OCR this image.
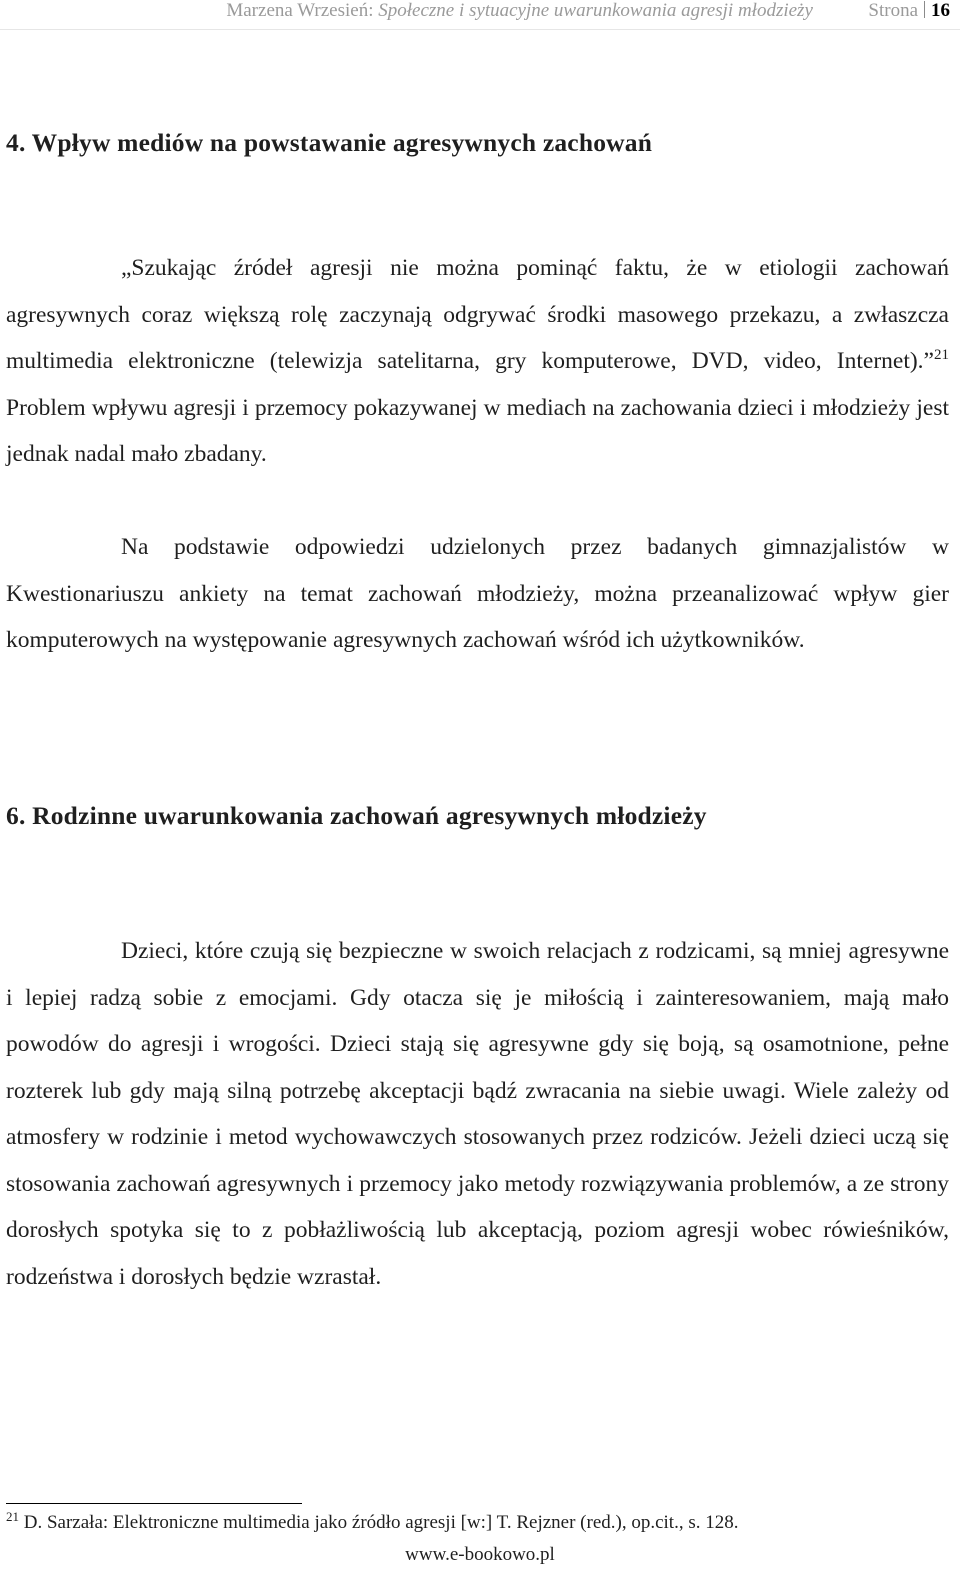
Marzena Wrzesień: Społeczne i sytuacyjne uwarunkowania agresji młodzieży	Strona 16
4. Wpływ mediów na powstawanie agresywnych zachowań

„Szukając źródeł agresji nie można pominąć faktu, że w etiologii zachowań agresywnych coraz większą rolę zaczynają odgrywać środki masowego przekazu, a zwłaszcza multimedia elektroniczne (telewizja satelitarna, gry komputerowe, DVD, video, Internet).”$^{21}$ Problem wpływu agresji i przemocy pokazywanej w mediach na zachowania dzieci i młodzieży jest jednak nadal mało zbadany.

Na podstawie odpowiedzi udzielonych przez badanych gimnazjalistów w Kwestionariuszu ankiety na temat zachowań młodzieży, można przeanalizować wpływ gier komputerowych na występowanie agresywnych zachowań wśród ich użytkowników.

6. Rodzinne uwarunkowania zachowań agresywnych młodzieży

Dzieci, które czują się bezpieczne w swoich relacjach z rodzicami, są mniej agresywne i lepiej radzą sobie z emocjami. Gdy otacza się je miłością i zainteresowaniem, mają mało powodów do agresji i wrogości. Dzieci stają się agresywne gdy się boją, są osamotnione, pełne rozterek lub gdy mają silną potrzebę akceptacji bądź zwracania na siebie uwagi. Wiele zależy od atmosfery w rodzinie i metod wychowawczych stosowanych przez rodziców. Jeżeli dzieci uczą się stosowania zachowań agresywnych i przemocy jako metody rozwiązywania problemów, a ze strony dorosłych spotyka się to z pobłażliwością lub akceptacją, poziom agresji wobec rówieśników, rodzeństwa i dorosłych będzie wzrastał.

$^{21}$ D. Sarzała: Elektroniczne multimedia jako źródło agresji [w:] T. Rejzner (red.), op.cit., s. 128.
www.e-bookowo.pl
